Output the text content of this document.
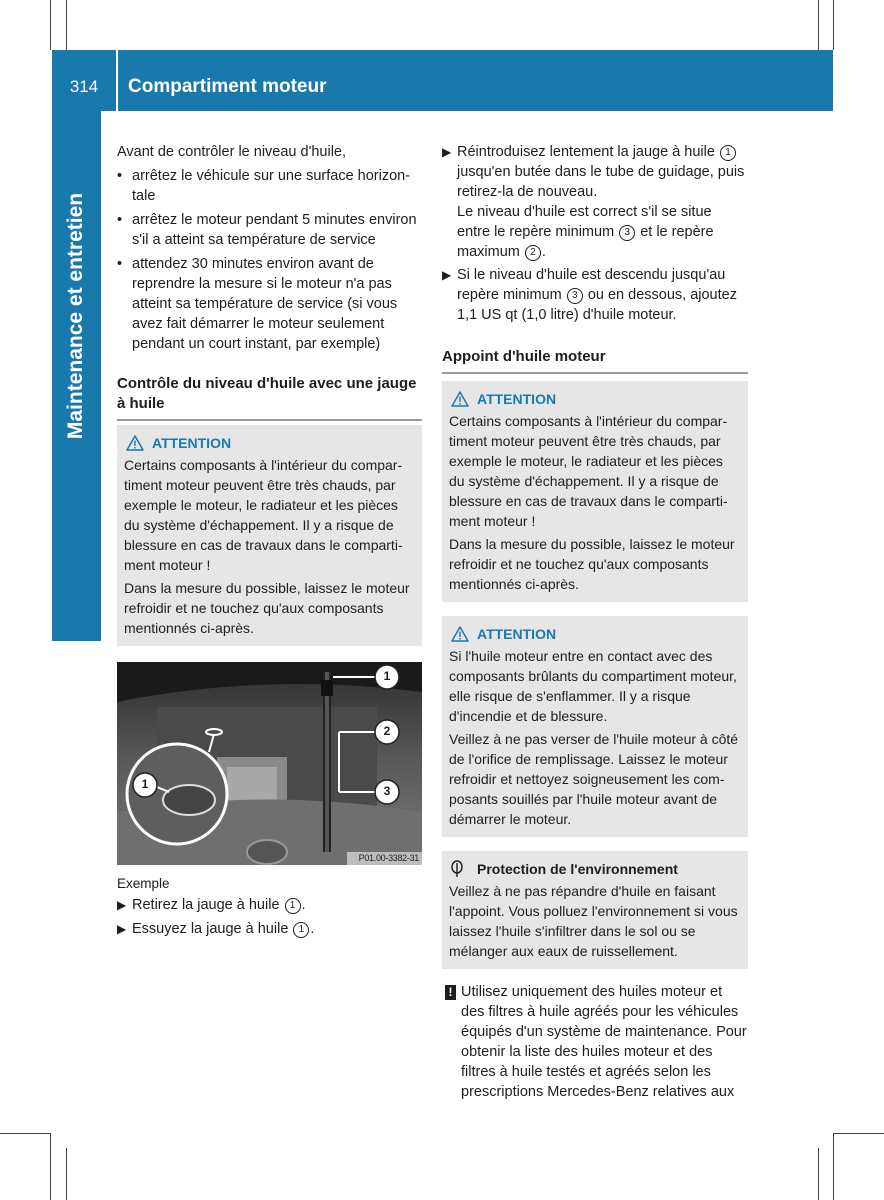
314	Compartiment moteur
Maintenance et entretien

Avant de contrôler le niveau d'huile,

• arrêtez le véhicule sur une surface horizontale
• arrêtez le moteur pendant 5 minutes environ s'il a atteint sa température de service
• attendez 30 minutes environ avant de reprendre la mesure si le moteur n'a pas atteint sa température de service (si vous avez fait démarrer le moteur seulement pendant un court instant, par exemple)
Contrôle du niveau d'huile avec une jauge à huile
ATTENTION

Certains composants à l'intérieur du compartiment moteur peuvent être très chauds, par exemple le moteur, le radiateur et les pièces du système d'échappement. Il y a risque de blessure en cas de travaux dans le compartiment moteur !

Dans la mesure du possible, laissez le moteur refroidir et ne touchez qu'aux composants mentionnés ci-après.

1
2
3
1
P01.00-3382-31
Exemple
▶ Retirez la jauge à huile 1 .
▶ Essuyez la jauge à huile 1 .
▶ Réintroduisez lentement la jauge à huile 1 jusqu'en butée dans le tube de guidage, puis retirez-la de nouveau.
Le niveau d'huile est correct s'il se situe entre le repère minimum 3 et le repère maximum 2 .
▶ Si le niveau d'huile est descendu jusqu'au repère minimum 3 ou en dessous, ajoutez 1,1 US qt (1,0 litre) d'huile moteur.
Appoint d'huile moteur
ATTENTION

Certains composants à l'intérieur du compartiment moteur peuvent être très chauds, par exemple le moteur, le radiateur et les pièces du système d'échappement. Il y a risque de blessure en cas de travaux dans le compartiment moteur !

Dans la mesure du possible, laissez le moteur refroidir et ne touchez qu'aux composants mentionnés ci-après.

ATTENTION

Si l'huile moteur entre en contact avec des composants brûlants du compartiment moteur, elle risque de s'enflammer. Il y a risque d'incendie et de blessure.

Veillez à ne pas verser de l'huile moteur à côté de l'orifice de remplissage. Laissez le moteur refroidir et nettoyez soigneusement les composants souillés par l'huile moteur avant de démarrer le moteur.

Protection de l'environnement

Veillez à ne pas répandre d'huile en faisant l'appoint. Vous polluez l'environnement si vous laissez l'huile s'infiltrer dans le sol ou se mélanger aux eaux de ruissellement.

! Utilisez uniquement des huiles moteur et des filtres à huile agréés pour les véhicules équipés d'un système de maintenance. Pour obtenir la liste des huiles moteur et des filtres à huile testés et agréés selon les prescriptions Mercedes-Benz relatives aux
